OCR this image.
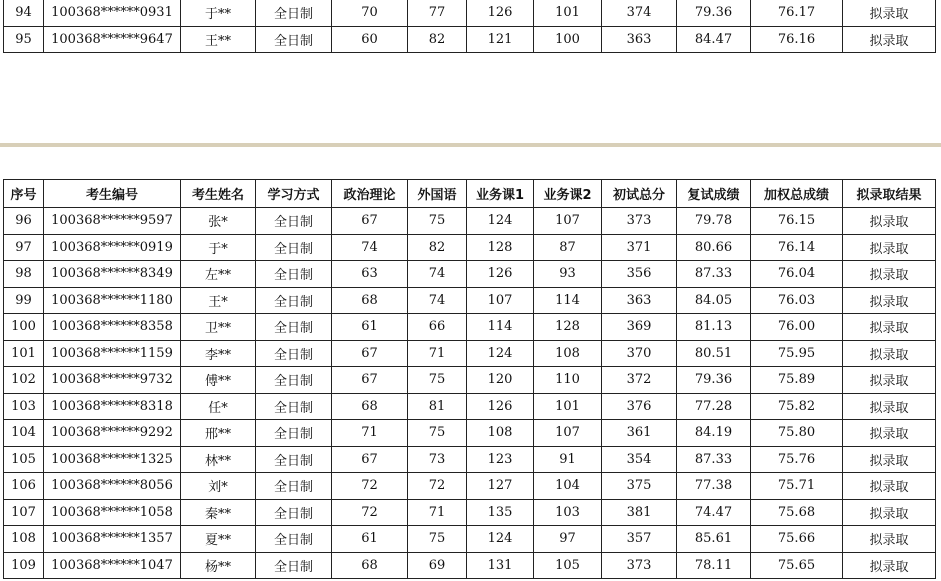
94	100368******0931	于**	全日制	70	77	126	101	374	79.36	76.17	拟录取
95	100368******9647	王**	全日制	60	82	121	100	363	84.47	76.16	拟录取
序号	考生编号	考生姓名	学习方式	政治理论	外国语	业务课1	业务课2	初试总分	复试成绩	加权总成绩	拟录取结果
96	100368******9597	张*	全日制	67	75	124	107	373	79.78	76.15	拟录取
97	100368******0919	于*	全日制	74	82	128	87	371	80.66	76.14	拟录取
98	100368******8349	左**	全日制	63	74	126	93	356	87.33	76.04	拟录取
99	100368******1180	王*	全日制	68	74	107	114	363	84.05	76.03	拟录取
100	100368******8358	卫**	全日制	61	66	114	128	369	81.13	76.00	拟录取
101	100368******1159	李**	全日制	67	71	124	108	370	80.51	75.95	拟录取
102	100368******9732	傅**	全日制	67	75	120	110	372	79.36	75.89	拟录取
103	100368******8318	任*	全日制	68	81	126	101	376	77.28	75.82	拟录取
104	100368******9292	邢**	全日制	71	75	108	107	361	84.19	75.80	拟录取
105	100368******1325	林**	全日制	67	73	123	91	354	87.33	75.76	拟录取
106	100368******8056	刘*	全日制	72	72	127	104	375	77.38	75.71	拟录取
107	100368******1058	秦**	全日制	72	71	135	103	381	74.47	75.68	拟录取
108	100368******1357	夏**	全日制	61	75	124	97	357	85.61	75.66	拟录取
109	100368******1047	杨**	全日制	68	69	131	105	373	78.11	75.65	拟录取
